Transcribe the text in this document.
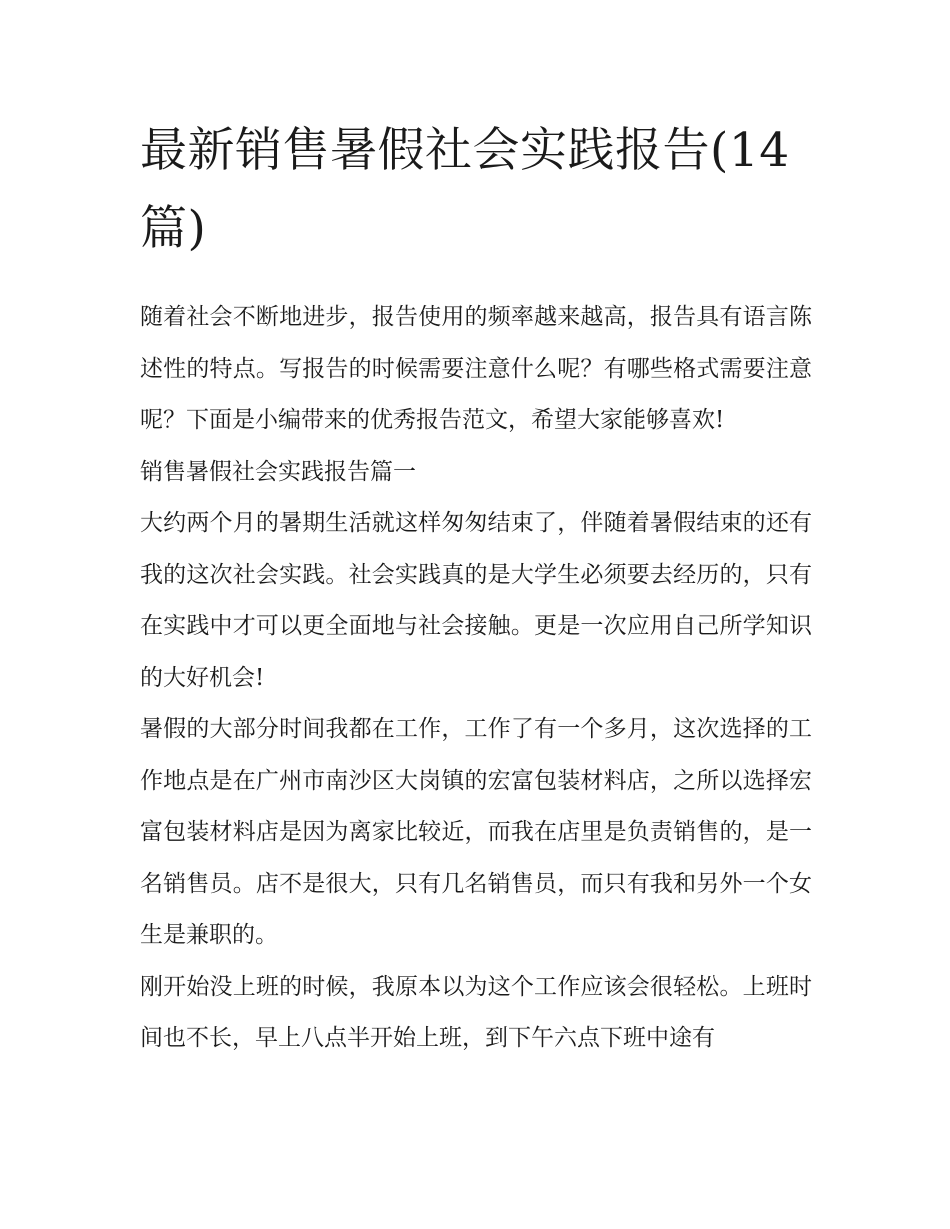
最新销售暑假社会实践报告(14篇)

随着社会不断地进步，报告使用的频率越来越高，报告具有语言陈述性的特点。写报告的时候需要注意什么呢？有哪些格式需要注意呢？下面是小编带来的优秀报告范文，希望大家能够喜欢!

销售暑假社会实践报告篇一

大约两个月的暑期生活就这样匆匆结束了，伴随着暑假结束的还有我的这次社会实践。社会实践真的是大学生必须要去经历的，只有在实践中才可以更全面地与社会接触。更是一次应用自己所学知识的大好机会!

暑假的大部分时间我都在工作，工作了有一个多月，这次选择的工作地点是在广州市南沙区大岗镇的宏富包装材料店，之所以选择宏富包装材料店是因为离家比较近，而我在店里是负责销售的，是一名销售员。店不是很大，只有几名销售员，而只有我和另外一个女生是兼职的。

刚开始没上班的时候，我原本以为这个工作应该会很轻松。上班时间也不长，早上八点半开始上班，到下午六点下班中途有
